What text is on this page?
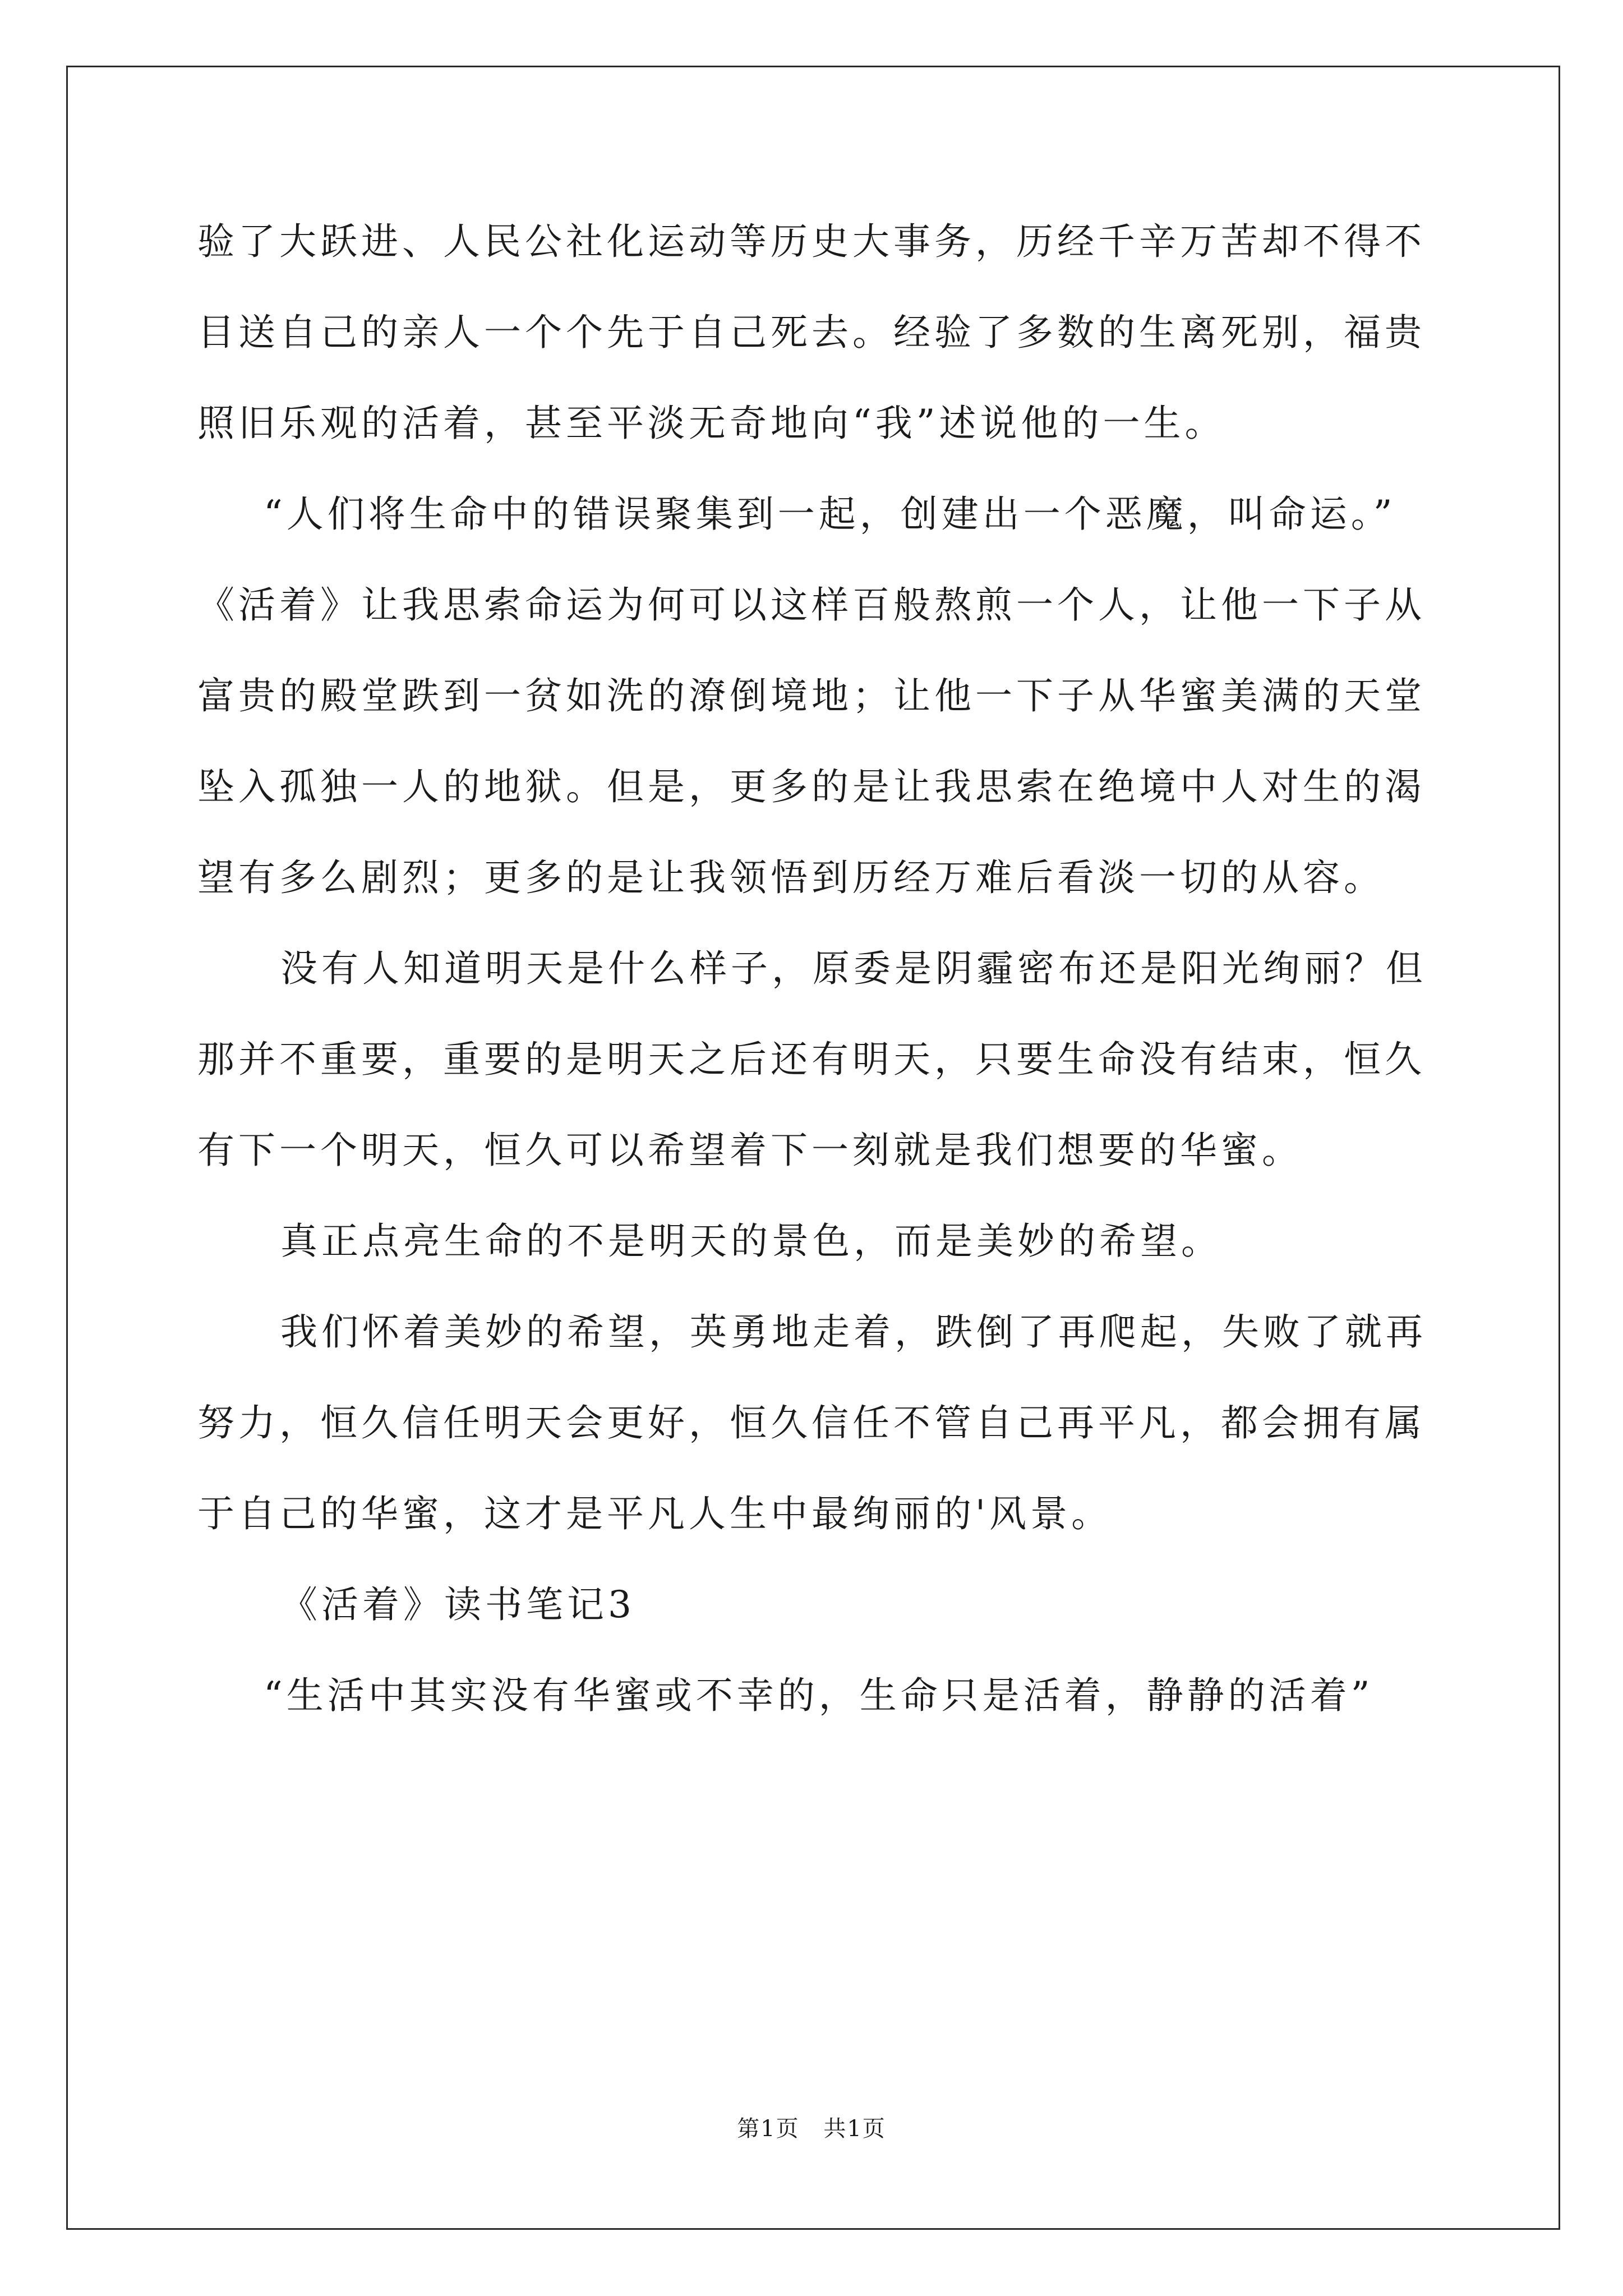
验了大跃进、人民公社化运动等历史大事务，历经千辛万苦却不得不

目送自己的亲人一个个先于自己死去。经验了多数的生离死别，福贵

照旧乐观的活着，甚至平淡无奇地向“我”述说他的一生。

“人们将生命中的错误聚集到一起，创建出一个恶魔，叫命运。”

《活着》让我思索命运为何可以这样百般熬煎一个人，让他一下子从

富贵的殿堂跌到一贫如洗的潦倒境地；让他一下子从华蜜美满的天堂

坠入孤独一人的地狱。但是，更多的是让我思索在绝境中人对生的渴

望有多么剧烈；更多的是让我领悟到历经万难后看淡一切的从容。

没有人知道明天是什么样子，原委是阴霾密布还是阳光绚丽？但

那并不重要，重要的是明天之后还有明天，只要生命没有结束，恒久

有下一个明天，恒久可以希望着下一刻就是我们想要的华蜜。

真正点亮生命的不是明天的景色，而是美妙的希望。

我们怀着美妙的希望，英勇地走着，跌倒了再爬起，失败了就再

努力，恒久信任明天会更好，恒久信任不管自己再平凡，都会拥有属

于自己的华蜜，这才是平凡人生中最绚丽的'风景。

《活着》读书笔记3

“生活中其实没有华蜜或不幸的，生命只是活着，静静的活着”

第1页 共1页
